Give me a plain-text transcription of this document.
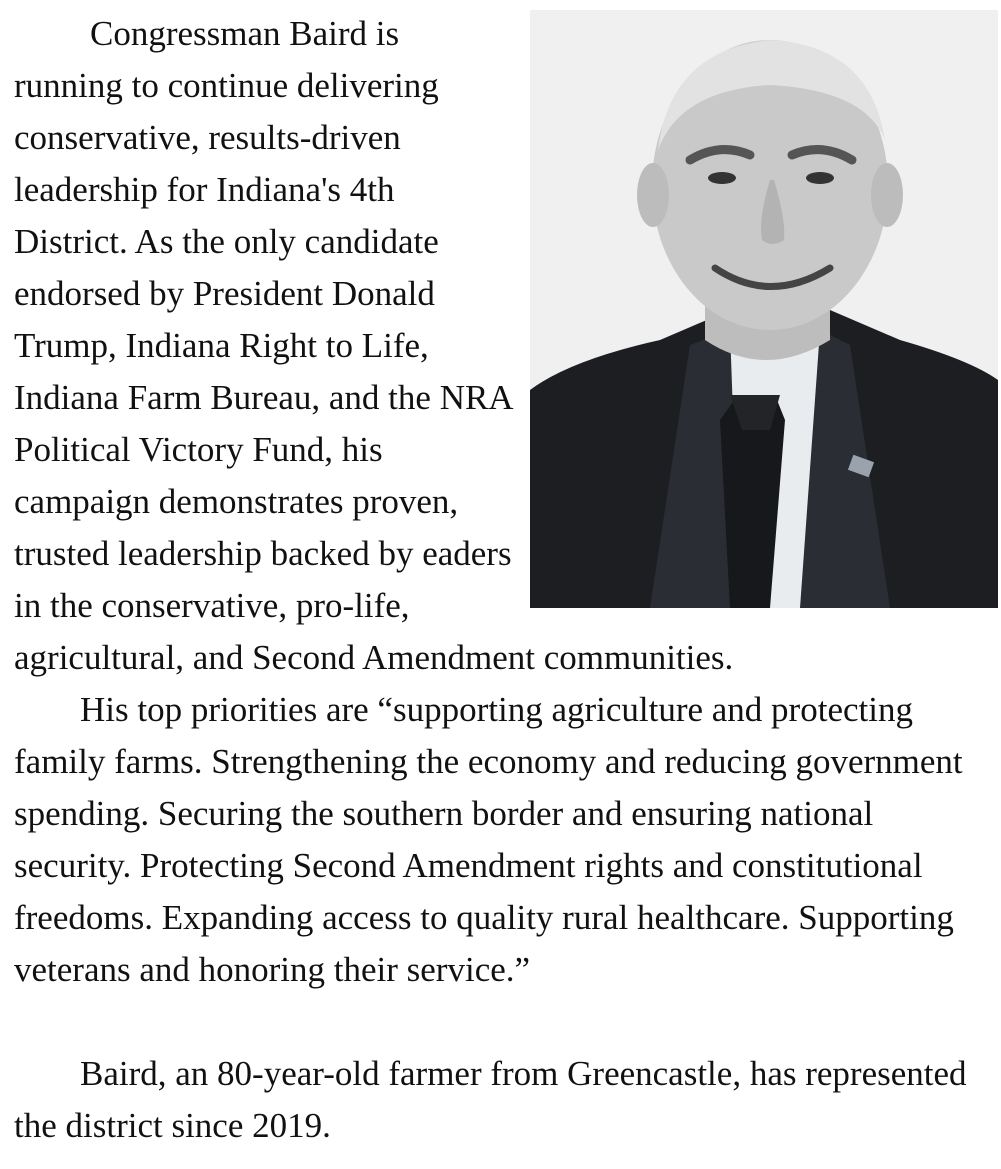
Congressman Baird is running to continue delivering conservative, results-driven leadership for Indiana's 4th District. As the only candidate endorsed by President Donald Trump, Indiana Right to Life, Indiana Farm Bureau, and the NRA Political Victory Fund, his campaign demonstrates proven, trusted leadership backed by eaders in the conservative, pro-life, agricultural, and Second Amendment communities.

His top priorities are “supporting agriculture and protecting family farms. Strengthening the economy and reducing government spending. Securing the southern border and ensuring national security. Protecting Second Amendment rights and constitutional freedoms. Expanding access to quality rural healthcare. Supporting veterans and honoring their service.”

Baird, an 80-year-old farmer from Greencastle, has represented the district since 2019.
